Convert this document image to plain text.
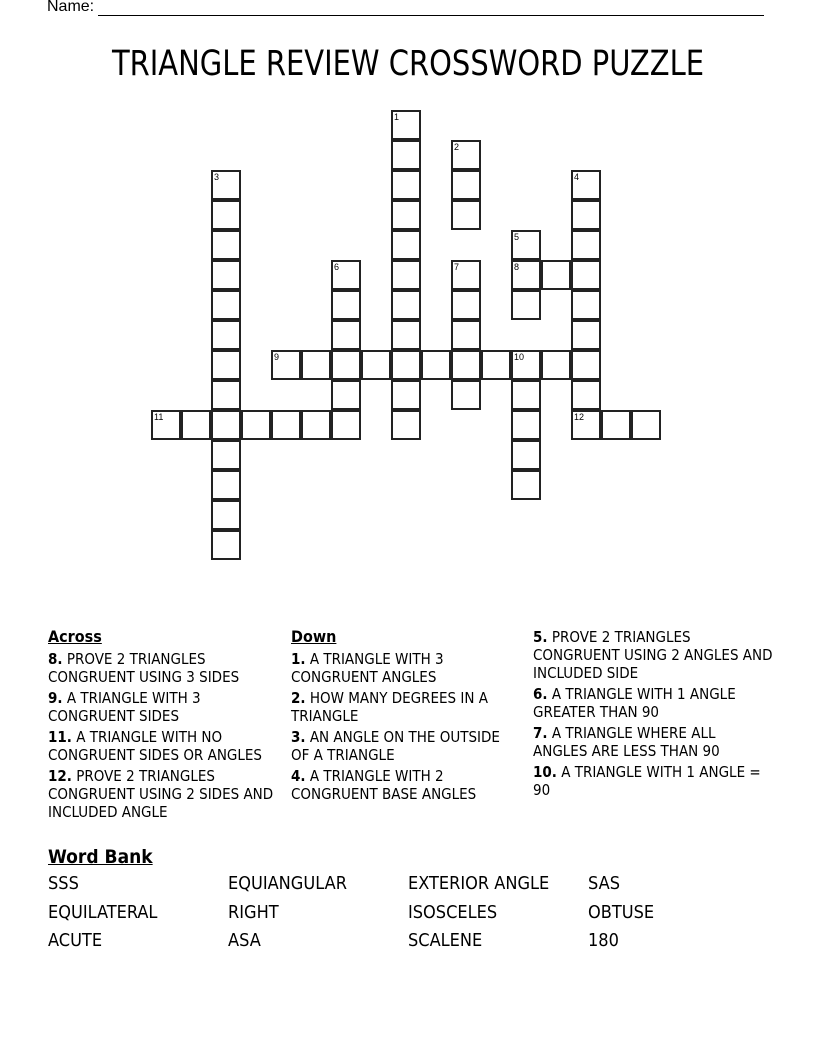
Name:
TRIANGLE REVIEW CROSSWORD PUZZLE
1
2
3	4
12
5
8
6	7
9	10
11
Across
8. PROVE 2 TRIANGLES CONGRUENT USING 3 SIDES
9. A TRIANGLE WITH 3 CONGRUENT SIDES
11. A TRIANGLE WITH NO CONGRUENT SIDES OR ANGLES
12. PROVE 2 TRIANGLES CONGRUENT USING 2 SIDES AND INCLUDED ANGLE
Down
1. A TRIANGLE WITH 3 CONGRUENT ANGLES
2. HOW MANY DEGREES IN A TRIANGLE
3. AN ANGLE ON THE OUTSIDE OF A TRIANGLE
4. A TRIANGLE WITH 2 CONGRUENT BASE ANGLES
5. PROVE 2 TRIANGLES CONGRUENT USING 2 ANGLES AND INCLUDED SIDE
6. A TRIANGLE WITH 1 ANGLE GREATER THAN 90
7. A TRIANGLE WHERE ALL ANGLES ARE LESS THAN 90
10. A TRIANGLE WITH 1 ANGLE = 90
Word Bank
SSS	EQUIANGULAR	EXTERIOR ANGLE	SAS
EQUILATERAL	RIGHT	ISOSCELES	OBTUSE
ACUTE	ASA	SCALENE	180
